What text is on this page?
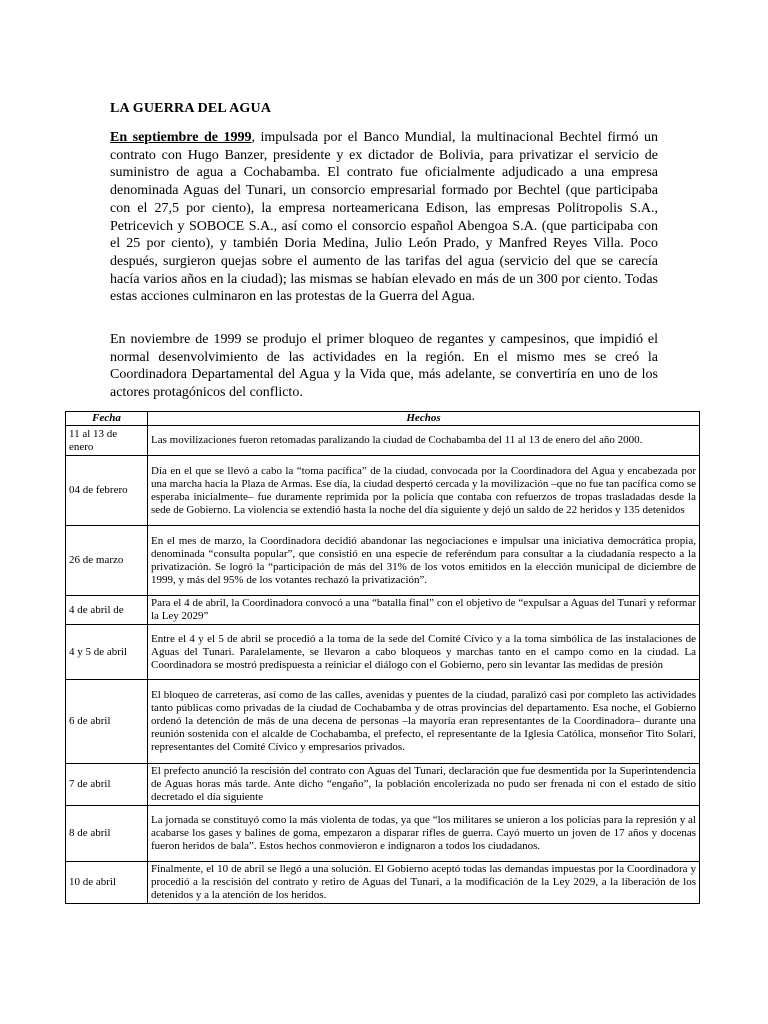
LA GUERRA DEL AGUA

En septiembre de 1999, impulsada por el Banco Mundial, la multinacional Bechtel firmó un contrato con Hugo Banzer, presidente y ex dictador de Bolivia, para privatizar el servicio de suministro de agua a Cochabamba. El contrato fue oficialmente adjudicado a una empresa denominada Aguas del Tunari, un consorcio empresarial formado por Bechtel (que participaba con el 27,5 por ciento), la empresa norteamericana Edison, las empresas Politropolis S.A., Petricevich y SOBOCE S.A., así como el consorcio español Abengoa S.A. (que participaba con el 25 por ciento), y también Doria Medina, Julio León Prado, y Manfred Reyes Villa. Poco después, surgieron quejas sobre el aumento de las tarifas del agua (servicio del que se carecía hacía varios años en la ciudad); las mismas se habían elevado en más de un 300 por ciento. Todas estas acciones culminaron en las protestas de la Guerra del Agua.

En noviembre de 1999 se produjo el primer bloqueo de regantes y campesinos, que impidió el normal desenvolvimiento de las actividades en la región. En el mismo mes se creó la Coordinadora Departamental del Agua y la Vida que, más adelante, se convertiría en uno de los actores protagónicos del conflicto.

Fecha	Hechos
11 al 13 de enero	Las movilizaciones fueron retomadas paralizando la ciudad de Cochabamba del 11 al 13 de enero del año 2000.
04 de febrero	Día en el que se llevó a cabo la “toma pacífica” de la ciudad, convocada por la Coordinadora del Agua y encabezada por una marcha hacia la Plaza de Armas. Ese día, la ciudad despertó cercada y la movilización –que no fue tan pacífica como se esperaba inicialmente– fue duramente reprimida por la policía que contaba con refuerzos de tropas trasladadas desde la sede de Gobierno. La violencia se extendió hasta la noche del día siguiente y dejó un saldo de 22 heridos y 135 detenidos
26 de marzo	En el mes de marzo, la Coordinadora decidió abandonar las negociaciones e impulsar una iniciativa democrática propia, denominada “consulta popular”, que consistió en una especie de referéndum para consultar a la ciudadanía respecto a la privatización. Se logró la “participación de más del 31% de los votos emitidos en la elección municipal de diciembre de 1999, y más del 95% de los votantes rechazó la privatización”.
4 de abril de	Para el 4 de abril, la Coordinadora convocó a una “batalla final” con el objetivo de “expulsar a Aguas del Tunari y reformar la Ley 2029”
4 y 5 de abril	Entre el 4 y el 5 de abril se procedió a la toma de la sede del Comité Cívico y a la toma simbólica de las instalaciones de Aguas del Tunari. Paralelamente, se llevaron a cabo bloqueos y marchas tanto en el campo como en la ciudad. La Coordinadora se mostró predispuesta a reiniciar el diálogo con el Gobierno, pero sin levantar las medidas de presión
6 de abril	El bloqueo de carreteras, así como de las calles, avenidas y puentes de la ciudad, paralizó casi por completo las actividades tanto públicas como privadas de la ciudad de Cochabamba y de otras provincias del departamento. Esa noche, el Gobierno ordenó la detención de más de una decena de personas –la mayoría eran representantes de la Coordinadora– durante una reunión sostenida con el alcalde de Cochabamba, el prefecto, el representante de la Iglesia Católica, monseñor Tito Solari, representantes del Comité Cívico y empresarios privados.
7 de abril	El prefecto anunció la rescisión del contrato con Aguas del Tunari, declaración que fue desmentida por la Superintendencia de Aguas horas más tarde. Ante dicho “engaño”, la población encolerizada no pudo ser frenada ni con el estado de sitio decretado el día siguiente
8 de abril	La jornada se constituyó como la más violenta de todas, ya que “los militares se unieron a los policías para la represión y al acabarse los gases y balines de goma, empezaron a disparar rifles de guerra. Cayó muerto un joven de 17 años y docenas fueron heridos de bala”. Estos hechos conmovieron e indignaron a todos los ciudadanos.
10 de abril	Finalmente, el 10 de abril se llegó a una solución. El Gobierno aceptó todas las demandas impuestas por la Coordinadora y procedió a la rescisión del contrato y retiro de Aguas del Tunari, a la modificación de la Ley 2029, a la liberación de los detenidos y a la atención de los heridos.
